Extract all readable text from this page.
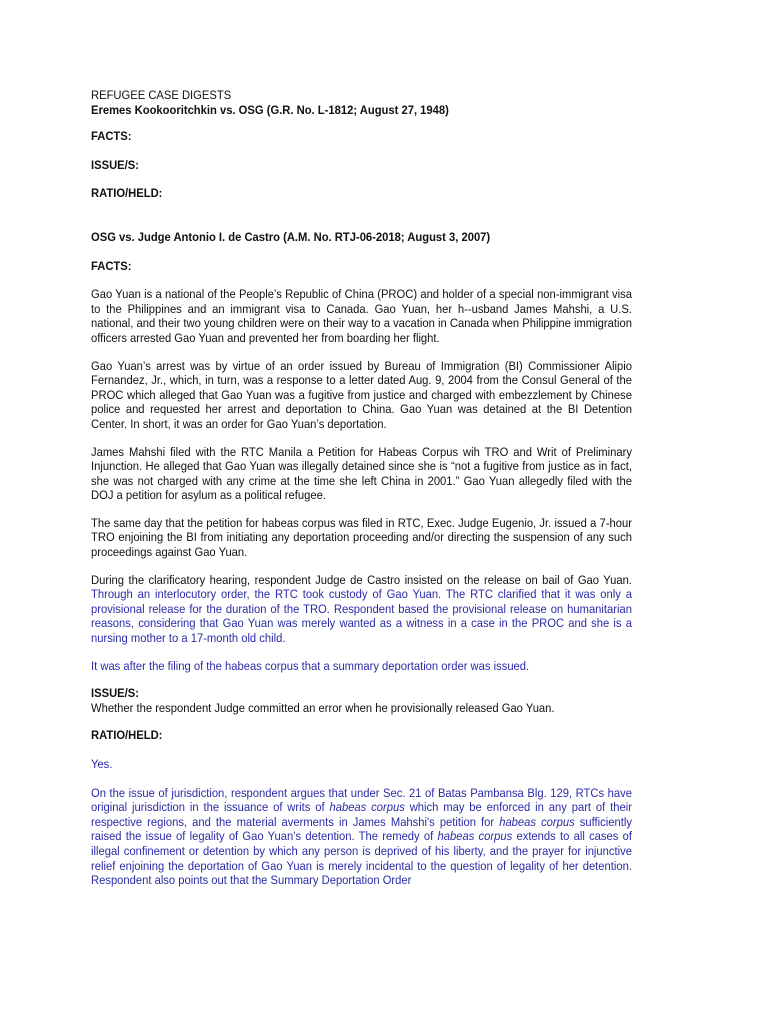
REFUGEE CASE DIGESTS

Eremes Kookooritchkin vs. OSG (G.R. No. L-1812; August 27, 1948)

FACTS:

ISSUE/S:

RATIO/HELD:

OSG vs. Judge Antonio I. de Castro (A.M. No. RTJ-06-2018; August 3, 2007)

FACTS:

Gao Yuan is a national of the People’s Republic of China (PROC) and holder of a special non-immigrant visa to the Philippines and an immigrant visa to Canada. Gao Yuan, her h--usband James Mahshi, a U.S. national, and their two young children were on their way to a vacation in Canada when Philippine immigration officers arrested Gao Yuan and prevented her from boarding her flight.

Gao Yuan’s arrest was by virtue of an order issued by Bureau of Immigration (BI) Commissioner Alipio Fernandez, Jr., which, in turn, was a response to a letter dated Aug. 9, 2004 from the Consul General of the PROC which alleged that Gao Yuan was a fugitive from justice and charged with embezzlement by Chinese police and requested her arrest and deportation to China. Gao Yuan was detained at the BI Detention Center. In short, it was an order for Gao Yuan’s deportation.

James Mahshi filed with the RTC Manila a Petition for Habeas Corpus wih TRO and Writ of Preliminary Injunction. He alleged that Gao Yuan was illegally detained since she is “not a fugitive from justice as in fact, she was not charged with any crime at the time she left China in 2001.” Gao Yuan allegedly filed with the DOJ a petition for asylum as a political refugee.

The same day that the petition for habeas corpus was filed in RTC, Exec. Judge Eugenio, Jr. issued a 7-hour TRO enjoining the BI from initiating any deportation proceeding and/or directing the suspension of any such proceedings against Gao Yuan.

During the clarificatory hearing, respondent Judge de Castro insisted on the release on bail of Gao Yuan. Through an interlocutory order, the RTC took custody of Gao Yuan. The RTC clarified that it was only a provisional release for the duration of the TRO. Respondent based the provisional release on humanitarian reasons, considering that Gao Yuan was merely wanted as a witness in a case in the PROC and she is a nursing mother to a 17-month old child.

It was after the filing of the habeas corpus that a summary deportation order was issued.

ISSUE/S:

Whether the respondent Judge committed an error when he provisionally released Gao Yuan.

RATIO/HELD:

Yes.

On the issue of jurisdiction, respondent argues that under Sec. 21 of Batas Pambansa Blg. 129, RTCs have original jurisdiction in the issuance of writs of habeas corpus which may be enforced in any part of their respective regions, and the material averments in James Mahshi's petition for habeas corpus sufficiently raised the issue of legality of Gao Yuan’s detention. The remedy of habeas corpus extends to all cases of illegal confinement or detention by which any person is deprived of his liberty, and the prayer for injunctive relief enjoining the deportation of Gao Yuan is merely incidental to the question of legality of her detention. Respondent also points out that the Summary Deportation Order
